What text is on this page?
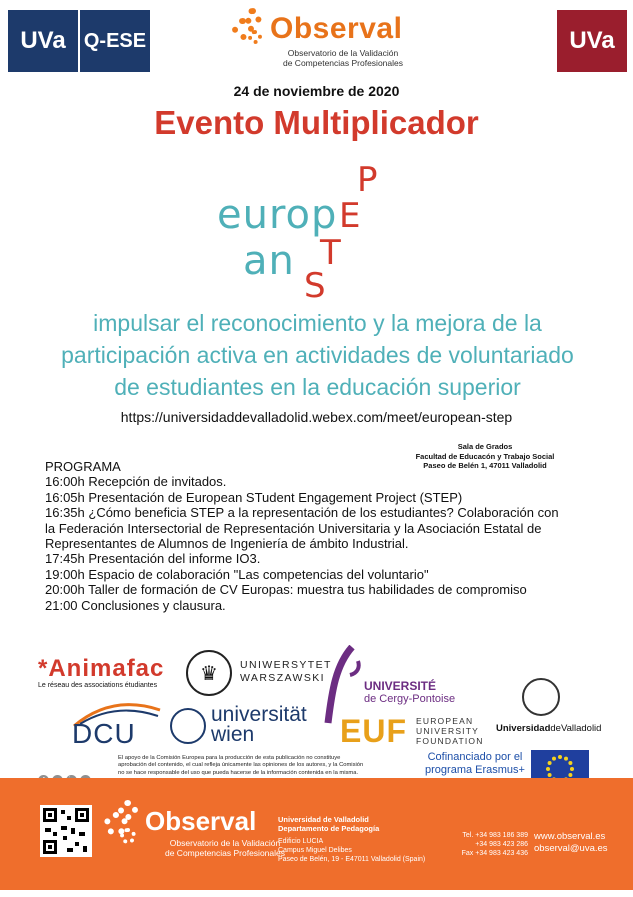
UVa Q-ESE	UVa
Observal
Observatorio de la Validación
de Competencias Profesionales
24 de noviembre de 2020
Evento Multiplicador
europan
P
E
T
S
impulsar el reconocimiento y la mejora de la
participación activa en actividades de voluntariado
de estudiantes en la educación superior
https://universidaddevalladolid.webex.com/meet/european-step
Sala de Grados
Facultad de Educacón y Trabajo Social
Paseo de Belén 1, 47011 Valladolid
PROGRAMA
16:00h Recepción de invitados.
16:05h Presentación de European STudent Engagement Project (STEP)
16:35h ¿Cómo beneficia STEP a la representación de los estudiantes? Colaboración con
la Federación Intersectorial de Representación Universitaria y la Asociación Estatal de
Representantes de Alumnos de Ingeniería de ámbito Industrial.
17:45h Presentación del informe IO3.
19:00h Espacio de colaboración "Las competencias del voluntario"
20:00h Taller de formación de CV Europas: muestra tus habilidades de compromiso
21:00 Conclusiones y clausura.
*Animafac
Le réseau des associations étudiantes
♛	UNIWERSYTET
WARSZAWSKI
UNIVERSITÉ
de Cergy-Pontoise
UniversidaddeValladolid
DCU
universität
wien	EUF EUROPEAN
UNIVERSITY
FOUNDATION
El apoyo de la Comisión Europea para la producción de esta publicación no constituye
aprobación del contenido, el cual refleja únicamente las opiniones de los autores, y la Comisión
no se hace responsable del uso que pueda hacerse de la información contenida en la misma.
Cofinanciado por el
programa Erasmus+
Observal
Observatorio de la Validación
de Competencias Profesionales
Universidad de Valladolid
Departamento de Pedagogía
Edificio LUCIA
Campus Miguel Delibes
Paseo de Belén, 19 - E47011 Valladolid (Spain)
Tel. +34 983 186 389
+34 983 423 286
Fax +34 983 423 436
www.observal.es
observal@uva.es
